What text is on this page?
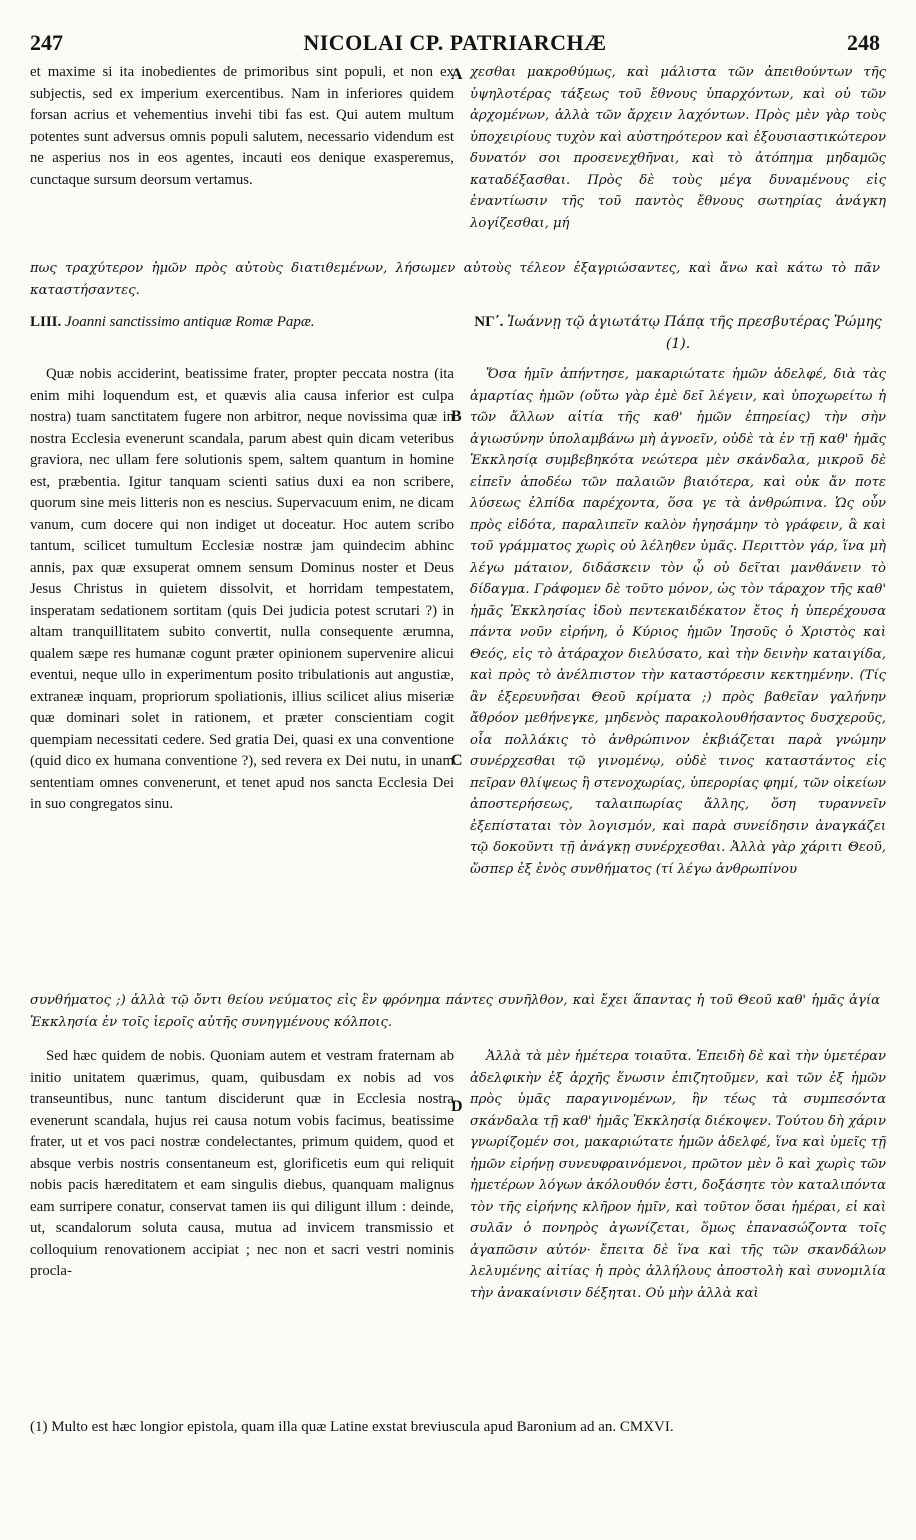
247	NICOLAI CP. PATRIARCHÆ	248

et maxime si ita inobedientes de primoribus sint populi, et non ex subjectis, sed ex imperium exercentibus. Nam in inferiores quidem forsan acrius et vehementius invehi tibi fas est. Qui autem multum potentes sunt adversus omnis populi salutem, necessario videndum est ne asperius nos in eos agentes, incauti eos denique exasperemus, cunctaque sursum deorsum vertamus.

χεσθαι μακροθύμως, καὶ μάλιστα τῶν ἀπειθούντων τῆς ὑψηλοτέρας τάξεως τοῦ ἔθνους ὑπαρχόντων, καὶ οὐ τῶν ἀρχομένων, ἀλλὰ τῶν ἄρχειν λαχόντων. Πρὸς μὲν γὰρ τοὺς ὑποχειρίους τυχὸν καὶ αὐστηρότερον καὶ ἐξουσιαστικώτερον δυνατόν σοι προσενεχθῆναι, καὶ τὸ ἀτόπημα μηδαμῶς καταδέξασθαι. Πρὸς δὲ τοὺς μέγα δυναμένους εἰς ἐναντίωσιν τῆς τοῦ παντὸς ἔθνους σωτηρίας ἀνάγκη λογίζεσθαι, μή

πως τραχύτερον ἡμῶν πρὸς αὐτοὺς διατιθεμένων, λήσωμεν αὐτοὺς τέλεον ἐξαγριώσαντες, καὶ ἄνω καὶ κάτω τὸ πᾶν καταστήσαντες.
LIII. Joanni sanctissimo antiquæ Romæ Papæ.	ΝΓ΄. Ἰωάννῃ τῷ ἁγιωτάτῳ Πάπᾳ τῆς πρεσβυτέρας Ῥώμης (1).

Quæ nobis acciderint, beatissime frater, propter peccata nostra (ita enim mihi loquendum est, et quævis alia causa inferior est culpa nostra) tuam sanctitatem fugere non arbitror, neque novissima quæ in nostra Ecclesia evenerunt scandala, parum abest quin dicam veteribus graviora, nec ullam fere solutionis spem, saltem quantum in homine est, præbentia. Igitur tanquam scienti satius duxi ea non scribere, quorum sine meis litteris non es nescius. Supervacuum enim, ne dicam vanum, cum docere qui non indiget ut doceatur. Hoc autem scribo tantum, scilicet tumultum Ecclesiæ nostræ jam quindecim abhinc annis, pax quæ exsuperat omnem sensum Dominus noster et Deus Jesus Christus in quietem dissolvit, et horridam tempestatem, insperatam sedationem sortitam (quis Dei judicia potest scrutari ?) in altam tranquillitatem subito convertit, nulla consequente ærumna, qualem sæpe res humanæ cogunt præter opinionem supervenire alicui eventui, neque ullo in experimentum posito tribulationis aut angustiæ, extraneæ inquam, propriorum spoliationis, illius scilicet alius miseriæ quæ dominari solet in rationem, et præter conscientiam cogit quempiam necessitati cedere. Sed gratia Dei, quasi ex una conventione (quid dico ex humana conventione ?), sed revera ex Dei nutu, in unam sententiam omnes convenerunt, et tenet apud nos sancta Ecclesia Dei in suo congregatos sinu.

Ὅσα ἡμῖν ἀπήντησε, μακαριώτατε ἡμῶν ἀδελφέ, διὰ τὰς ἁμαρτίας ἡμῶν (οὕτω γὰρ ἐμὲ δεῖ λέγειν, καὶ ὑποχωρείτω ἡ τῶν ἄλλων αἰτία τῆς καθ' ἡμῶν ἐπηρείας) τὴν σὴν ἁγιωσύνην ὑπολαμβάνω μὴ ἀγνοεῖν, οὐδὲ τὰ ἐν τῇ καθ' ἡμᾶς Ἐκκλησίᾳ συμβεβηκότα νεώτερα μὲν σκάνδαλα, μικροῦ δὲ εἰπεῖν ἀποδέω τῶν παλαιῶν βιαιότερα, καὶ οὐκ ἄν ποτε λύσεως ἐλπίδα παρέχοντα, ὅσα γε τὰ ἀνθρώπινα. Ὡς οὖν πρὸς εἰδότα, παραλιπεῖν καλὸν ἡγησάμην τὸ γράφειν, ἃ καὶ τοῦ γράμματος χωρὶς οὐ λέληθεν ὑμᾶς. Περιττὸν γάρ, ἵνα μὴ λέγω μάταιον, διδάσκειν τὸν ᾧ οὐ δεῖται μανθάνειν τὸ δίδαγμα. Γράφομεν δὲ τοῦτο μόνον, ὡς τὸν τάραχον τῆς καθ' ἡμᾶς Ἐκκλησίας ἰδοὺ πεντεκαιδέκατον ἔτος ἡ ὑπερέχουσα πάντα νοῦν εἰρήνη, ὁ Κύριος ἡμῶν Ἰησοῦς ὁ Χριστὸς καὶ Θεός, εἰς τὸ ἀτάραχον διελύσατο, καὶ τὴν δεινὴν καταιγίδα, καὶ πρὸς τὸ ἀνέλπιστον τὴν καταστόρεσιν κεκτημένην. (Τίς ἂν ἐξερευνῆσαι Θεοῦ κρίματα ;) πρὸς βαθεῖαν γαλήνην ἄθρόον μεθήνεγκε, μηδενὸς παρακολουθήσαντος δυσχεροῦς, οἷα πολλάκις τὸ ἀνθρώπινον ἐκβιάζεται παρὰ γνώμην συνέρχεσθαι τῷ γινομένῳ, οὐδὲ τινος καταστάντος εἰς πεῖραν θλίψεως ἢ στενοχωρίας, ὑπερορίας φημί, τῶν οἰκείων ἀποστερήσεως, ταλαιπωρίας ἄλλης, ὅση τυραννεῖν ἐξεπίσταται τὸν λογισμόν, καὶ παρὰ συνείδησιν ἀναγκάζει τῷ δοκοῦντι τῇ ἀνάγκῃ συνέρχεσθαι. Ἀλλὰ γὰρ χάριτι Θεοῦ, ὥσπερ ἐξ ἑνὸς συνθήματος (τί λέγω ἀνθρωπίνου

συνθήματος ;) ἀλλὰ τῷ ὄντι θείου νεύματος εἰς ἓν φρόνημα πάντες συνῆλθον, καὶ ἔχει ἅπαντας ἡ τοῦ Θεοῦ καθ' ἡμᾶς ἁγία Ἐκκλησία ἐν τοῖς ἱεροῖς αὐτῆς συνηγμένους κόλποις.

Sed hæc quidem de nobis. Quoniam autem et vestram fraternam ab initio unitatem quærimus, quam, quibusdam ex nobis ad vos transeuntibus, nunc tantum disciderunt quæ in Ecclesia nostra evenerunt scandala, hujus rei causa notum vobis facimus, beatissime frater, ut et vos paci nostræ condelectantes, primum quidem, quod et absque verbis nostris consentaneum est, glorificetis eum qui reliquit nobis pacis hæreditatem et eam singulis diebus, quanquam malignus eam surripere conatur, conservat tamen iis qui diligunt illum : deinde, ut, scandalorum soluta causa, mutua ad invicem transmissio et colloquium renovationem accipiat ; nec non et sacri vestri nominis procla-

Ἀλλὰ τὰ μὲν ἡμέτερα τοιαῦτα. Ἐπειδὴ δὲ καὶ τὴν ὑμετέραν ἀδελφικὴν ἐξ ἀρχῆς ἕνωσιν ἐπιζητοῦμεν, καὶ τῶν ἐξ ἡμῶν πρὸς ὑμᾶς παραγινομένων, ἣν τέως τὰ συμπεσόντα σκάνδαλα τῇ καθ' ἡμᾶς Ἐκκλησίᾳ διέκοψεν. Τούτου δὴ χάριν γνωρίζομέν σοι, μακαριώτατε ἡμῶν ἀδελφέ, ἵνα καὶ ὑμεῖς τῇ ἡμῶν εἰρήνῃ συνευφραινόμενοι, πρῶτον μὲν ὃ καὶ χωρὶς τῶν ἡμετέρων λόγων ἀκόλουθόν ἐστι, δοξάσητε τὸν καταλιπόντα τὸν τῆς εἰρήνης κλῆρον ἡμῖν, καὶ τοῦτον ὅσαι ἡμέραι, εἰ καὶ συλᾶν ὁ πονηρὸς ἀγωνίζεται, ὅμως ἐπανασώζοντα τοῖς ἀγαπῶσιν αὐτόν· ἔπειτα δὲ ἵνα καὶ τῆς τῶν σκανδάλων λελυμένης αἰτίας ἡ πρὸς ἀλλήλους ἀποστολὴ καὶ συνομιλία τὴν ἀνακαίνισιν δέξηται. Οὐ μὴν ἀλλὰ καὶ

A
B
C
D
(1) Multo est hæc longior epistola, quam illa quæ Latine exstat breviuscula apud Baronium ad an. CMXVI.
